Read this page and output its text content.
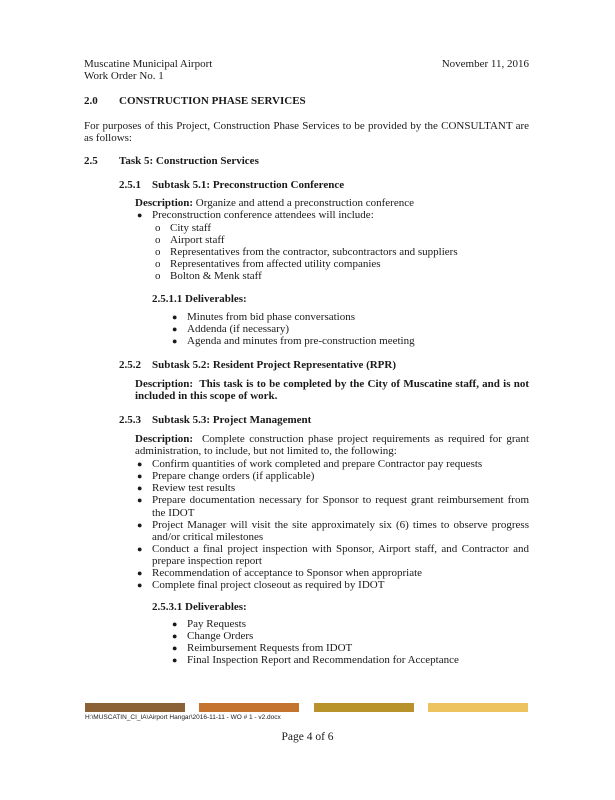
Muscatine Municipal Airport
Work Order No. 1
November 11, 2016
2.0 CONSTRUCTION PHASE SERVICES
For purposes of this Project, Construction Phase Services to be provided by the CONSULTANT are as follows:
2.5 Task 5: Construction Services
2.5.1 Subtask 5.1: Preconstruction Conference
Description: Organize and attend a preconstruction conference
● Preconstruction conference attendees will include:
o City staff
o Airport staff
o Representatives from the contractor, subcontractors and suppliers
o Representatives from affected utility companies
o Bolton & Menk staff
2.5.1.1 Deliverables:
● Minutes from bid phase conversations
● Addenda (if necessary)
● Agenda and minutes from pre-construction meeting
2.5.2 Subtask 5.2: Resident Project Representative (RPR)
Description: This task is to be completed by the City of Muscatine staff, and is not included in this scope of work.
2.5.3 Subtask 5.3: Project Management
Description: Complete construction phase project requirements as required for grant administration, to include, but not limited to, the following:
● Confirm quantities of work completed and prepare Contractor pay requests
● Prepare change orders (if applicable)
● Review test results
● Prepare documentation necessary for Sponsor to request grant reimbursement from the IDOT
● Project Manager will visit the site approximately six (6) times to observe progress and/or critical milestones
● Conduct a final project inspection with Sponsor, Airport staff, and Contractor and prepare inspection report
● Recommendation of acceptance to Sponsor when appropriate
● Complete final project closeout as required by IDOT
2.5.3.1 Deliverables:
● Pay Requests
● Change Orders
● Reimbursement Requests from IDOT
● Final Inspection Report and Recommendation for Acceptance
H:\MUSCATIN_CI_IA\Airport Hangar\2016-11-11 - WO # 1 - v2.docx
Page 4 of 6
